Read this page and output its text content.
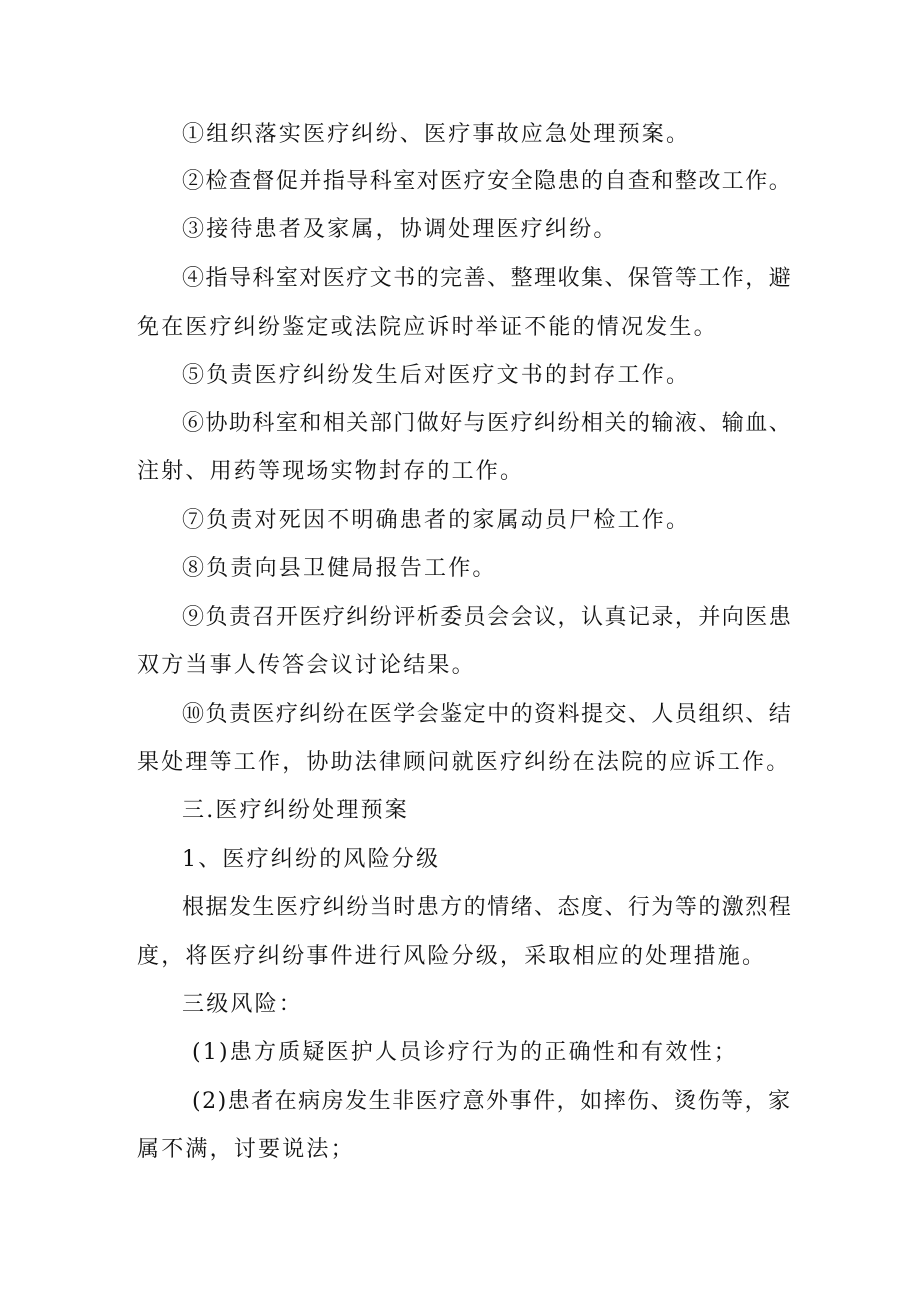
①组织落实医疗纠纷、医疗事故应急处理预案。
②检查督促并指导科室对医疗安全隐患的自查和整改工作。
③接待患者及家属，协调处理医疗纠纷。
④指导科室对医疗文书的完善、整理收集、保管等工作，避
免在医疗纠纷鉴定或法院应诉时举证不能的情况发生。
⑤负责医疗纠纷发生后对医疗文书的封存工作。
⑥协助科室和相关部门做好与医疗纠纷相关的输液、输血、
注射、用药等现场实物封存的工作。
⑦负责对死因不明确患者的家属动员尸检工作。
⑧负责向县卫健局报告工作。
⑨负责召开医疗纠纷评析委员会会议，认真记录，并向医患
双方当事人传答会议讨论结果。
⑩负责医疗纠纷在医学会鉴定中的资料提交、人员组织、结
果处理等工作，协助法律顾问就医疗纠纷在法院的应诉工作。
三.医疗纠纷处理预案
1、医疗纠纷的风险分级
根据发生医疗纠纷当时患方的情绪、态度、行为等的激烈程
度，将医疗纠纷事件进行风险分级，采取相应的处理措施。
三级风险：
(1)患方质疑医护人员诊疗行为的正确性和有效性；
(2)患者在病房发生非医疗意外事件，如摔伤、烫伤等，家
属不满，讨要说法；
